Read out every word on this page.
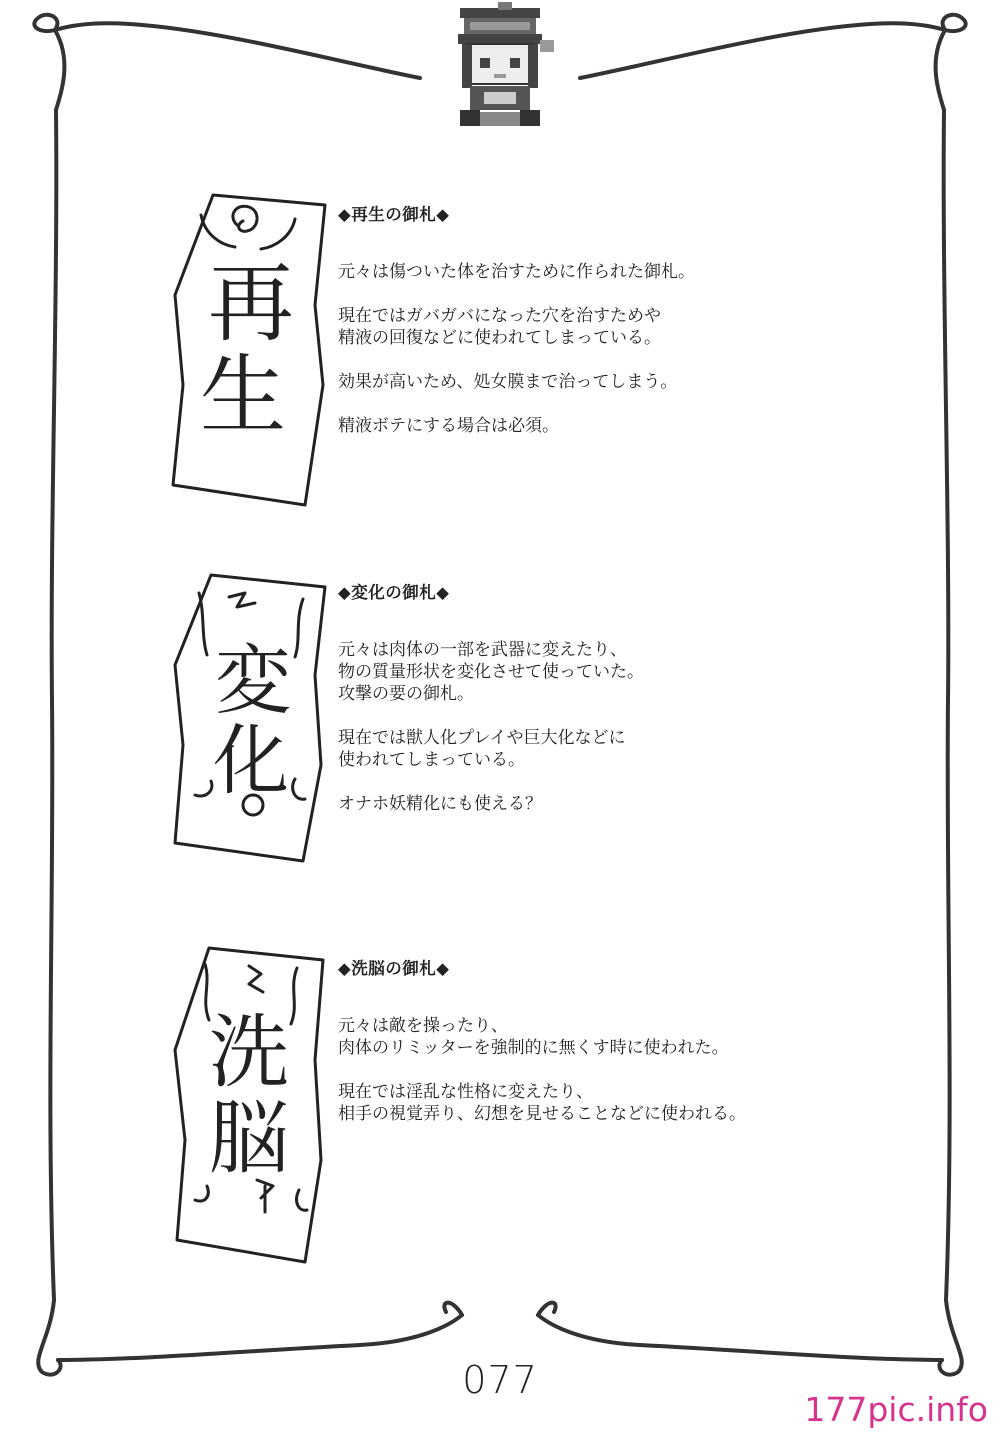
再
生
変
化
洗
脳
◆再生の御札◆

元々は傷ついた体を治すために作られた御札。

現在ではガバガバになった穴を治すためや
精液の回復などに使われてしまっている。

効果が高いため、処女膜まで治ってしまう。

精液ボテにする場合は必須。

◆変化の御札◆

元々は肉体の一部を武器に変えたり、
物の質量形状を変化させて使っていた。
攻撃の要の御札。

現在では獣人化プレイや巨大化などに
使われてしまっている。

オナホ妖精化にも使える？

◆洗脳の御札◆

元々は敵を操ったり、
肉体のリミッターを強制的に無くす時に使われた。

現在では淫乱な性格に変えたり、
相手の視覚弄り、幻想を見せることなどに使われる。

077
177pic.info
